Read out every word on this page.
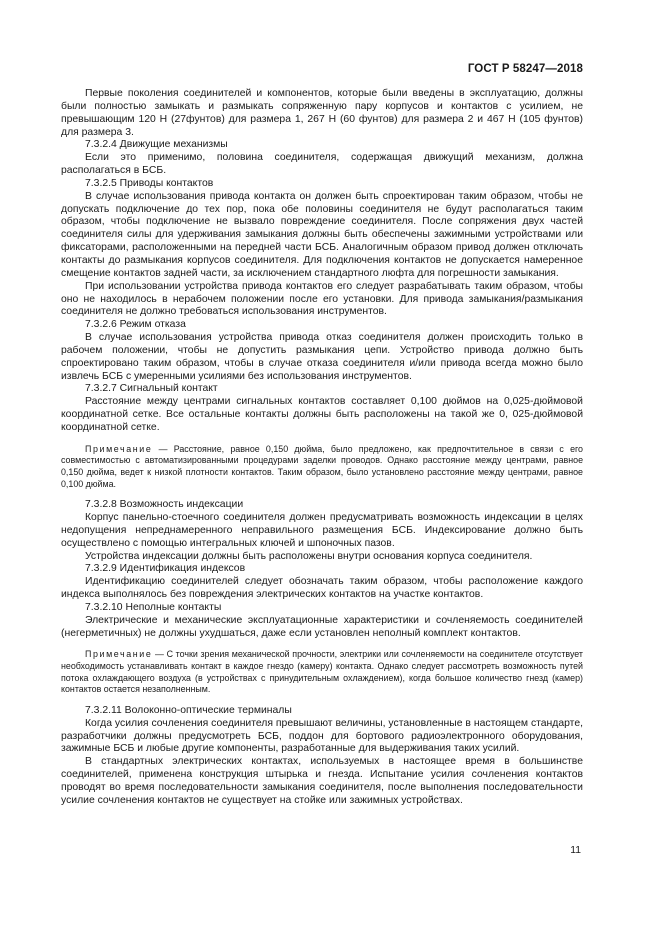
ГОСТ Р 58247—2018

Первые поколения соединителей и компонентов, которые были введены в эксплуатацию, должны были полностью замыкать и размыкать сопряженную пару корпусов и контактов с усилием, не превышающим 120 Н (27фунтов) для размера 1, 267 Н (60 фунтов) для размера 2 и 467 Н (105 фунтов) для размера 3.

7.3.2.4 Движущие механизмы

Если это применимо, половина соединителя, содержащая движущий механизм, должна располагаться в БСБ.

7.3.2.5 Приводы контактов

В случае использования привода контакта он должен быть спроектирован таким образом, чтобы не допускать подключение до тех пор, пока обе половины соединителя не будут располагаться таким образом, чтобы подключение не вызвало повреждение соединителя. После сопряжения двух частей соединителя силы для удерживания замыкания должны быть обеспечены зажимными устройствами или фиксаторами, расположенными на передней части БСБ. Аналогичным образом привод должен отключать контакты до размыкания корпусов соединителя. Для подключения контактов не допускается намеренное смещение контактов задней части, за исключением стандартного люфта для погрешности замыкания.

При использовании устройства привода контактов его следует разрабатывать таким образом, чтобы оно не находилось в нерабочем положении после его установки. Для привода замыкания/размыкания соединителя не должно требоваться использования инструментов.

7.3.2.6 Режим отказа

В случае использования устройства привода отказ соединителя должен происходить только в рабочем положении, чтобы не допустить размыкания цепи. Устройство привода должно быть спроектировано таким образом, чтобы в случае отказа соединителя и/или привода всегда можно было извлечь БСБ с умеренными усилиями без использования инструментов.

7.3.2.7 Сигнальный контакт

Расстояние между центрами сигнальных контактов составляет 0,100 дюймов на 0,025-дюймовой координатной сетке. Все остальные контакты должны быть расположены на такой же 0, 025-дюймовой координатной сетке.

Примечание — Расстояние, равное 0,150 дюйма, было предложено, как предпочтительное в связи с его совместимостью с автоматизированными процедурами заделки проводов. Однако расстояние между центрами, равное 0,150 дюйма, ведет к низкой плотности контактов. Таким образом, было установлено расстояние между центрами, равное 0,100 дюйма.

7.3.2.8 Возможность индексации

Корпус панельно-стоечного соединителя должен предусматривать возможность индексации в целях недопущения непреднамеренного неправильного размещения БСБ. Индексирование должно быть осуществлено с помощью интегральных ключей и шпоночных пазов.

Устройства индексации должны быть расположены внутри основания корпуса соединителя.

7.3.2.9 Идентификация индексов

Идентификацию соединителей следует обозначать таким образом, чтобы расположение каждого индекса выполнялось без повреждения электрических контактов на участке контактов.

7.3.2.10 Неполные контакты

Электрические и механические эксплуатационные характеристики и сочленяемость соединителей (негерметичных) не должны ухудшаться, даже если установлен неполный комплект контактов.

Примечание — С точки зрения механической прочности, электрики или сочленяемости на соединителе отсутствует необходимость устанавливать контакт в каждое гнездо (камеру) контакта. Однако следует рассмотреть возможность путей потока охлаждающего воздуха (в устройствах с принудительным охлаждением), когда большое количество гнезд (камер) контактов остается незаполненным.

7.3.2.11 Волоконно-оптические терминалы

Когда усилия сочленения соединителя превышают величины, установленные в настоящем стандарте, разработчики должны предусмотреть БСБ, поддон для бортового радиоэлектронного оборудования, зажимные БСБ и любые другие компоненты, разработанные для выдерживания таких усилий.

В стандартных электрических контактах, используемых в настоящее время в большинстве соединителей, применена конструкция штырька и гнезда. Испытание усилия сочленения контактов проводят во время последовательности замыкания соединителя, после выполнения последовательности усилие сочленения контактов не существует на стойке или зажимных устройствах.

11
